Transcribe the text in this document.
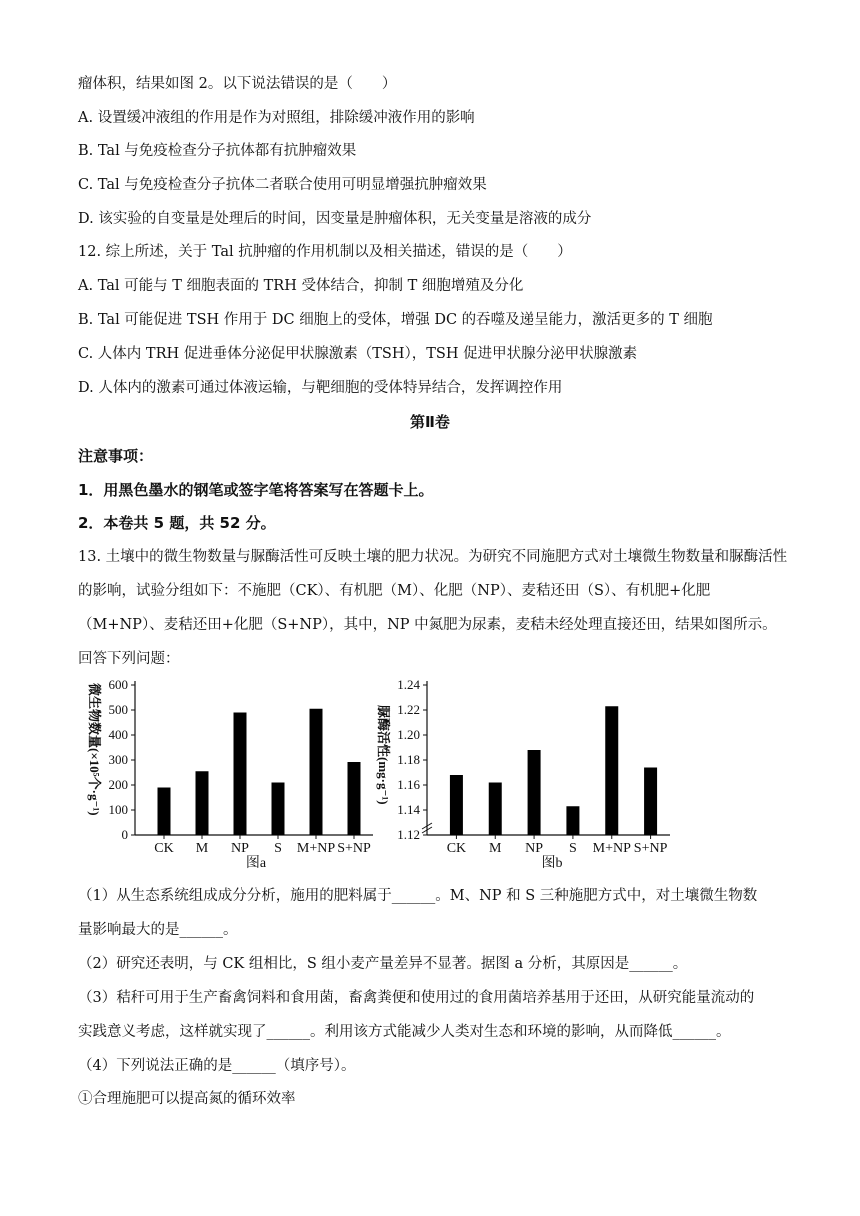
瘤体积，结果如图 2。以下说法错误的是（　　）
A. 设置缓冲液组的作用是作为对照组，排除缓冲液作用的影响
B. Tal 与免疫检查分子抗体都有抗肿瘤效果
C. Tal 与免疫检查分子抗体二者联合使用可明显增强抗肿瘤效果
D. 该实验的自变量是处理后的时间，因变量是肿瘤体积，无关变量是溶液的成分
12. 综上所述，关于 Tal 抗肿瘤的作用机制以及相关描述，错误的是（　　）
A. Tal 可能与 T 细胞表面的 TRH 受体结合，抑制 T 细胞增殖及分化
B. Tal 可能促进 TSH 作用于 DC 细胞上的受体，增强 DC 的吞噬及递呈能力，激活更多的 T 细胞
C. 人体内 TRH 促进垂体分泌促甲状腺激素（TSH），TSH 促进甲状腺分泌甲状腺激素
D. 人体内的激素可通过体液运输，与靶细胞的受体特异结合，发挥调控作用
第Ⅱ卷
注意事项：
1．用黑色墨水的钢笔或签字笔将答案写在答题卡上。
2．本卷共 5 题，共 52 分。
13. 土壤中的微生物数量与脲酶活性可反映土壤的肥力状况。为研究不同施肥方式对土壤微生物数量和脲酶活性的影响，试验分组如下：不施肥（CK）、有机肥（M）、化肥（NP）、麦秸还田（S）、有机肥+化肥（M+NP）、麦秸还田+化肥（S+NP），其中，NP 中氮肥为尿素，麦秸未经处理直接还田，结果如图所示。回答下列问题：
微生物数量(×10⁵个·g⁻¹)
0
100
200
300
400
500
600
CK M NP S M+NP S+NP
图a
脲酶活性(mg·g⁻¹)
1.12
1.14
1.16
1.18
1.20
1.22
1.24
CK M NP S M+NP S+NP
图b
（1）从生态系统组成成分分析，施用的肥料属于______。M、NP 和 S 三种施肥方式中，对土壤微生物数
量影响最大的是______。
（2）研究还表明，与 CK 组相比，S 组小麦产量差异不显著。据图 a 分析，其原因是______。
（3）秸秆可用于生产畜禽饲料和食用菌，畜禽粪便和使用过的食用菌培养基用于还田，从研究能量流动的
实践意义考虑，这样就实现了______。利用该方式能减少人类对生态和环境的影响，从而降低______。
（4）下列说法正确的是______（填序号）。
①合理施肥可以提高氮的循环效率
